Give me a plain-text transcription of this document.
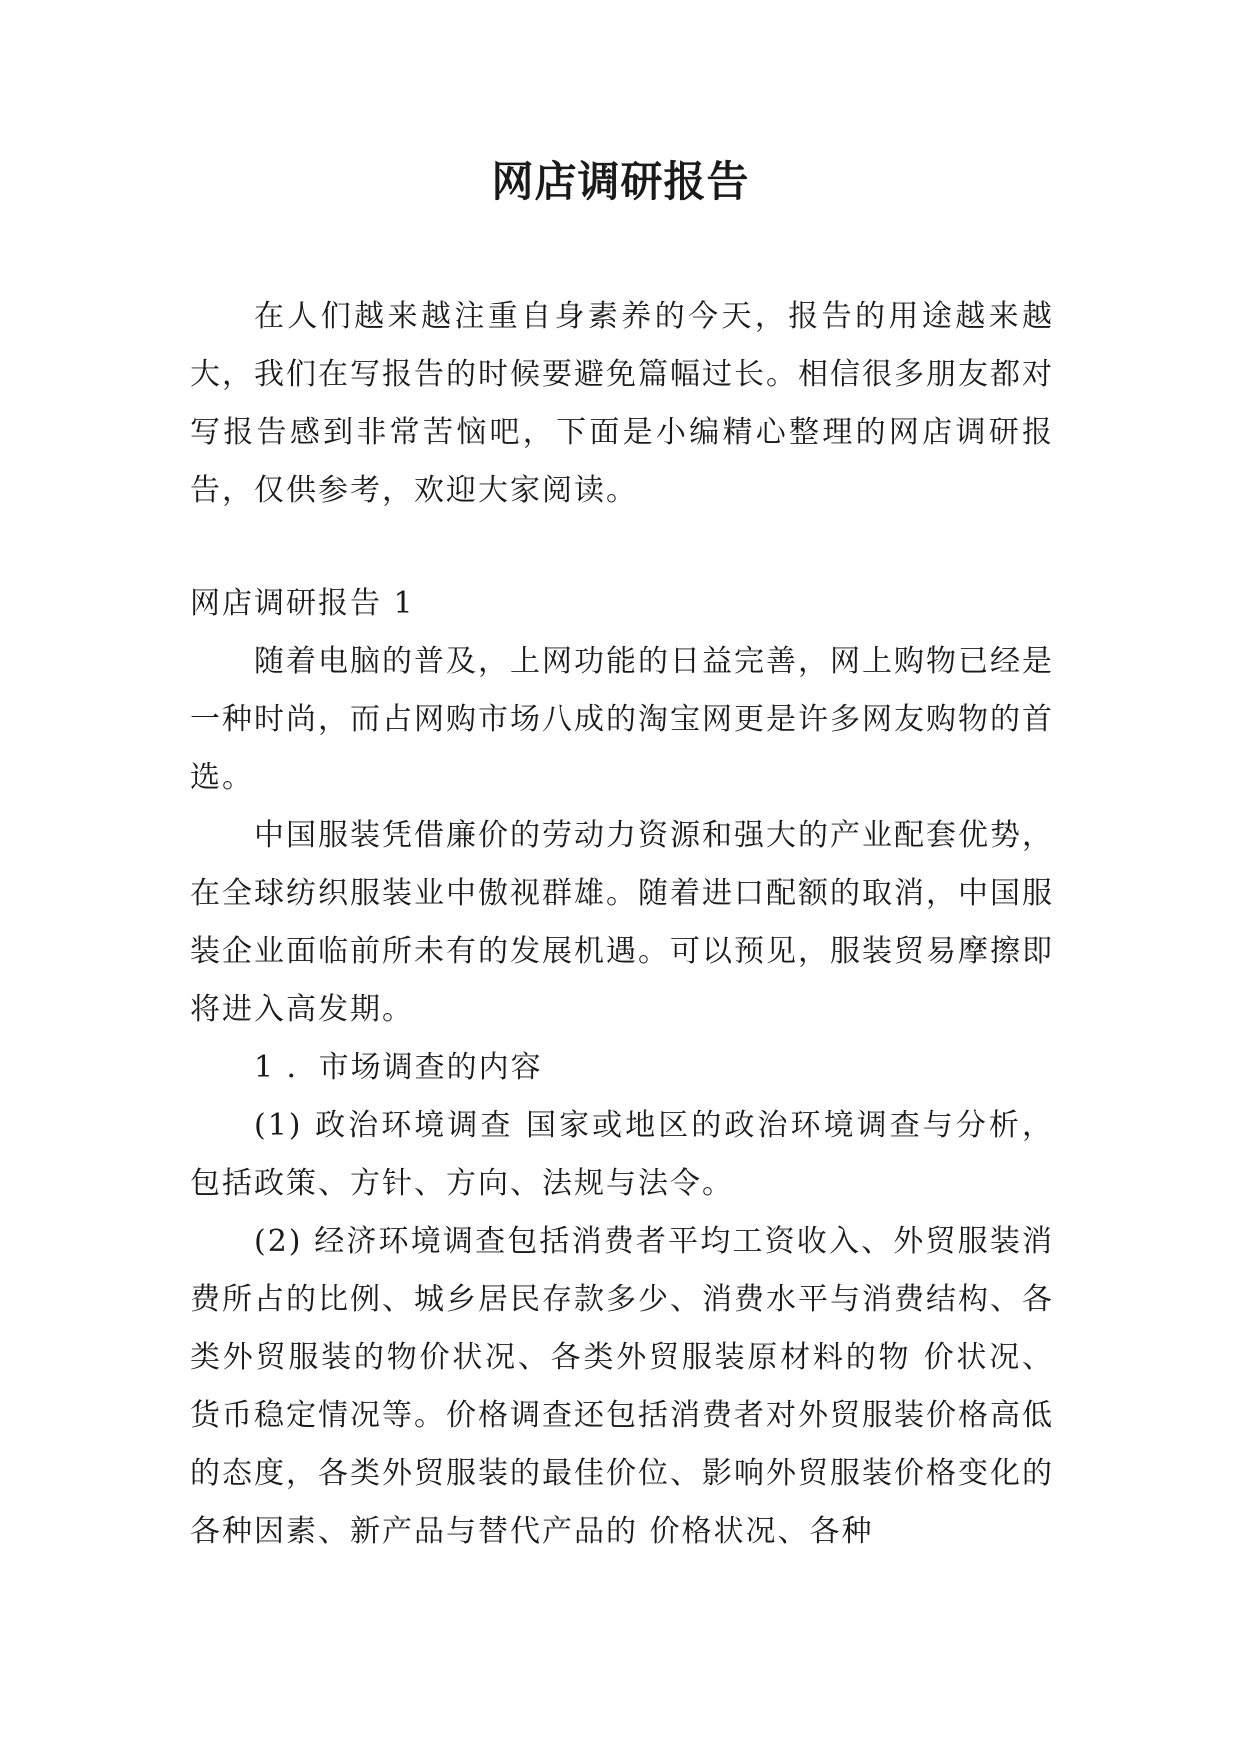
网店调研报告

在人们越来越注重自身素养的今天，报告的用途越来越大，我们在写报告的时候要避免篇幅过长。相信很多朋友都对写报告感到非常苦恼吧，下面是小编精心整理的网店调研报告，仅供参考，欢迎大家阅读。

网店调研报告 1

随着电脑的普及，上网功能的日益完善，网上购物已经是一种时尚，而占网购市场八成的淘宝网更是许多网友购物的首选。

中国服装凭借廉价的劳动力资源和强大的产业配套优势，在全球纺织服装业中傲视群雄。随着进口配额的取消，中国服装企业面临前所未有的发展机遇。可以预见，服装贸易摩擦即将进入高发期。

1 ．市场调查的内容

(1) 政治环境调查 国家或地区的政治环境调查与分析，包括政策、方针、方向、法规与法令。

(2) 经济环境调查包括消费者平均工资收入、外贸服装消费所占的比例、城乡居民存款多少、消费水平与消费结构、各类外贸服装的物价状况、各类外贸服装原材料的物 价状况、货币稳定情况等。价格调查还包括消费者对外贸服装价格高低的态度，各类外贸服装的最佳价位、影响外贸服装价格变化的各种因素、新产品与替代产品的 价格状况、各种
